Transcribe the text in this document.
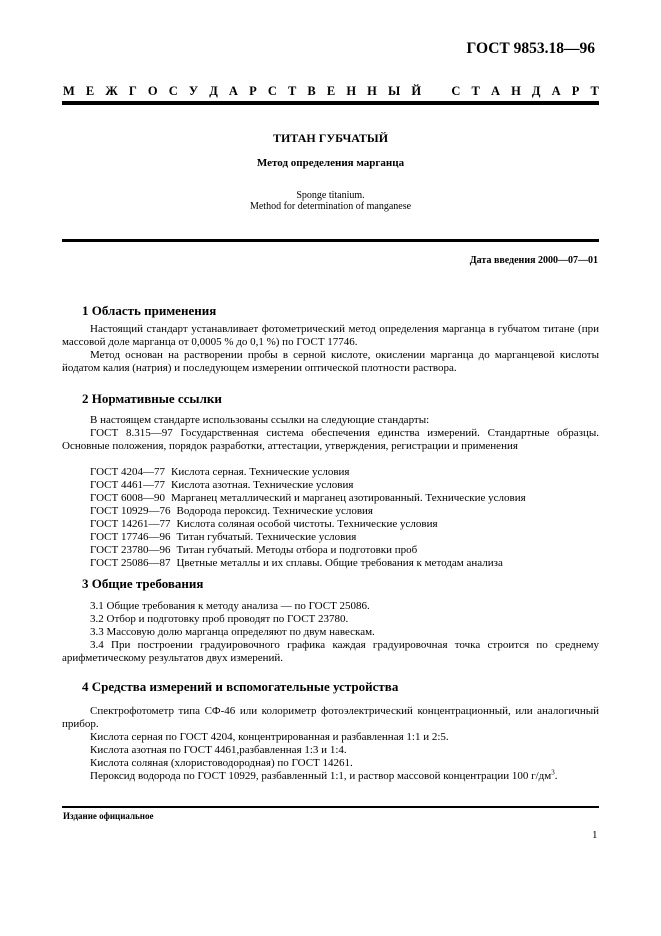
ГОСТ 9853.18—96
М Е Ж Г О С У Д А Р С Т В Е Н Н Ы Й С Т А Н Д А Р Т
ТИТАН ГУБЧАТЫЙ
Метод определения марганца
Sponge titanium.
Method for determination of manganese
Дата введения 2000—07—01
1 Область применения

Настоящий стандарт устанавливает фотометрический метод определения марганца в губчатом титане (при массовой доле марганца от 0,0005 % до 0,1 %) по ГОСТ 17746.

Метод основан на растворении пробы в серной кислоте, окислении марганца до марганцевой кислоты йодатом калия (натрия) и последующем измерении оптической плотности раствора.

2 Нормативные ссылки

В настоящем стандарте использованы ссылки на следующие стандарты:

ГОСТ 8.315—97 Государственная система обеспечения единства измерений. Стандартные образцы. Основные положения, порядок разработки, аттестации, утверждения, регистрации и применения

ГОСТ 4204—77 Кислота серная. Технические условия
ГОСТ 4461—77 Кислота азотная. Технические условия
ГОСТ 6008—90 Марганец металлический и марганец азотированный. Технические условия
ГОСТ 10929—76 Водорода пероксид. Технические условия
ГОСТ 14261—77 Кислота соляная особой чистоты. Технические условия
ГОСТ 17746—96 Титан губчатый. Технические условия
ГОСТ 23780—96 Титан губчатый. Методы отбора и подготовки проб
ГОСТ 25086—87 Цветные металлы и их сплавы. Общие требования к методам анализа
3 Общие требования

3.1 Общие требования к методу анализа — по ГОСТ 25086.

3.2 Отбор и подготовку проб проводят по ГОСТ 23780.

3.3 Массовую долю марганца определяют по двум навескам.

3.4 При построении градуировочного графика каждая градуировочная точка строится по среднему арифметическому результатов двух измерений.

4 Средства измерений и вспомогательные устройства

Спектрофотометр типа СФ-46 или колориметр фотоэлектрический концентрационный, или аналогичный прибор.

Кислота серная по ГОСТ 4204, концентрированная и разбавленная 1:1 и 2:5.

Кислота азотная по ГОСТ 4461,разбавленная 1:3 и 1:4.

Кислота соляная (хлористоводородная) по ГОСТ 14261.

Пероксид водорода по ГОСТ 10929, разбавленный 1:1, и раствор массовой концентрации 100 $г/дм^3$.

Издание официальное
1
